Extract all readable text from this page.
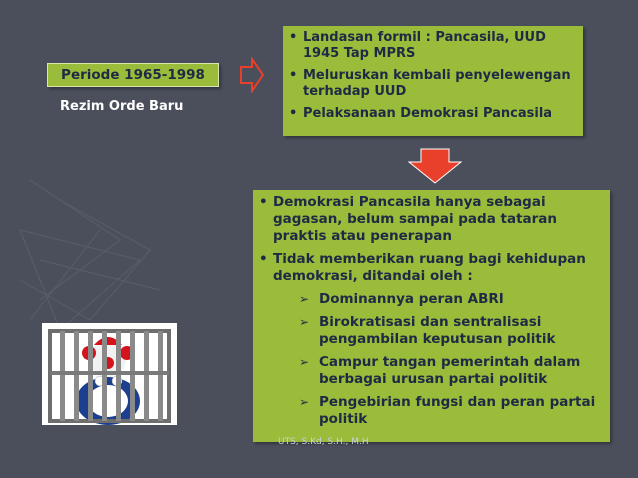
Periode 1965-1998
Rezim Orde Baru
• Landasan formil : Pancasila, UUD 1945 Tap MPRS
• Meluruskan kembali penyelewengan terhadap UUD
• Pelaksanaan Demokrasi Pancasila
• Demokrasi Pancasila hanya sebagai gagasan, belum sampai pada tataran praktis atau penerapan
• Tidak memberikan ruang bagi kehidupan demokrasi, ditandai oleh :
➢ Dominannya peran ABRI
➢ Birokratisasi dan sentralisasi pengambilan keputusan politik
➢ Campur tangan pemerintah dalam berbagai urusan partai politik
➢ Pengebirian fungsi dan peran partai politik
UTS, S.Kd, S.H., M.H
